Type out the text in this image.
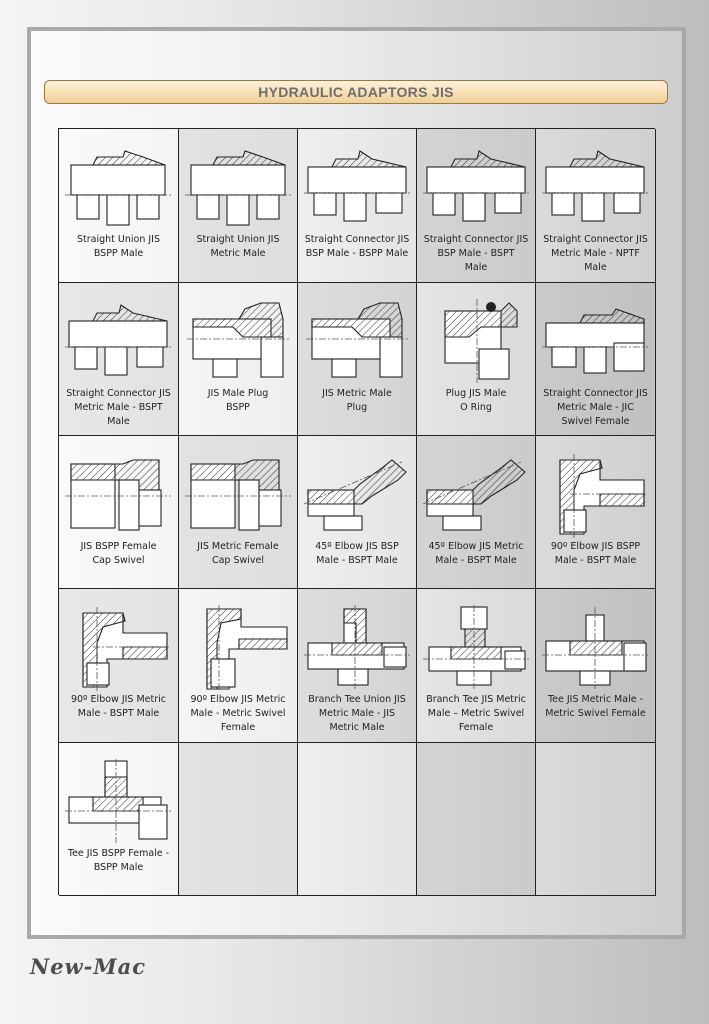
HYDRAULIC ADAPTORS JIS
Straight Union JIS
BSPP Male
Straight Union JIS
Metric Male
Straight Connector JIS
BSP Male - BSPP Male
Straight Connector JIS
BSP Male - BSPT
Male
Straight Connector JIS
Metric Male - NPTF
Male
Straight Connector JIS
Metric Male - BSPT
Male
JIS Male Plug
BSPP
JIS Metric Male
Plug
Plug JIS Male
O Ring
Straight Connector JIS
Metric Male - JIC
Swivel Female
JIS BSPP Female
Cap Swivel
JIS Metric Female
Cap Swivel
45º Elbow JIS BSP
Male - BSPT Male
45º Elbow JIS Metric
Male - BSPT Male
90º Elbow JIS BSPP
Male - BSPT Male
90º Elbow JIS Metric
Male - BSPT Male
90º Elbow JIS Metric
Male - Metric Swivel
Female
Branch Tee Union JIS
Metric Male - JIS
Metric Male
Branch Tee JIS Metric
Male – Metric Swivel
Female
Tee JIS Metric Male -
Metric Swivel Female
Tee JIS BSPP Female -
BSPP Male
New-Mac
